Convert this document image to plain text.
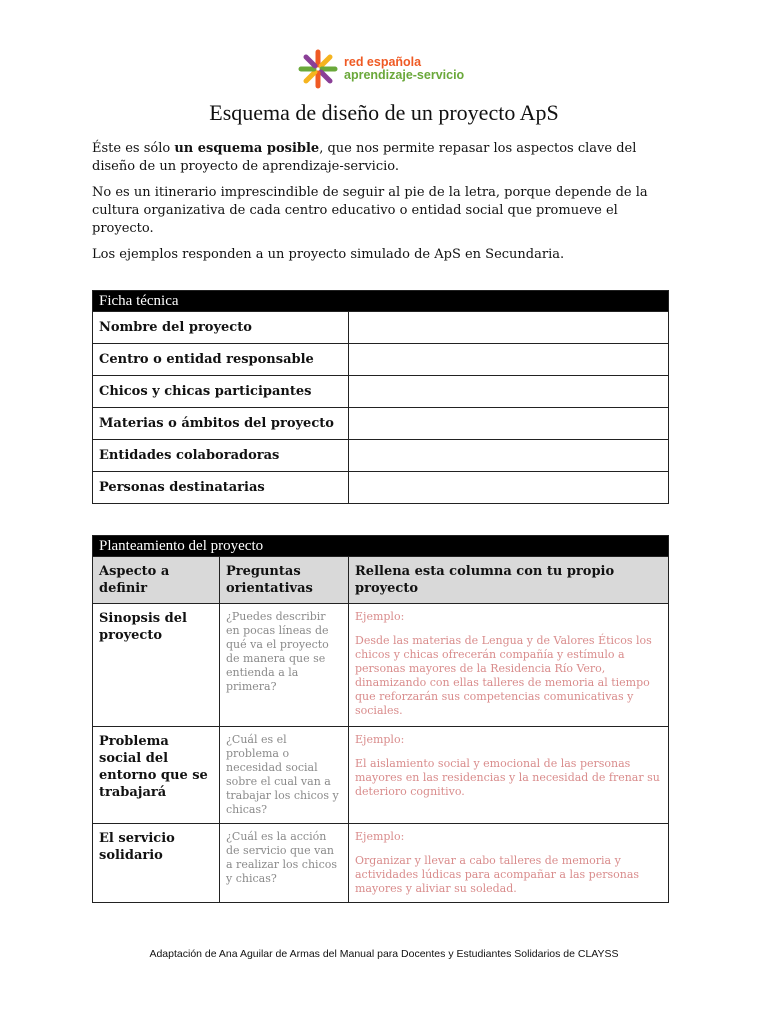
red española
aprendizaje-servicio
Esquema de diseño de un proyecto ApS

Éste es sólo un esquema posible, que nos permite repasar los aspectos clave del diseño de un proyecto de aprendizaje-servicio.

No es un itinerario imprescindible de seguir al pie de la letra, porque depende de la cultura organizativa de cada centro educativo o entidad social que promueve el proyecto.

Los ejemplos responden a un proyecto simulado de ApS en Secundaria.

Ficha técnica	
Nombre del proyecto	
Centro o entidad responsable	
Chicos y chicas participantes	
Materias o ámbitos del proyecto	
Entidades colaboradoras	
Personas destinatarias	
Planteamiento del proyecto		
Aspecto a definir	Preguntas orientativas	Rellena esta columna con tu propio proyecto
Sinopsis del proyecto	¿Puedes describir en pocas líneas de qué va el proyecto de manera que se entienda a la primera?	Ejemplo:
Desde las materias de Lengua y de Valores Éticos los chicos y chicas ofrecerán compañía y estímulo a personas mayores de la Residencia Río Vero, dinamizando con ellas talleres de memoria al tiempo que reforzarán sus competencias comunicativas y sociales.

Problema social del entorno que se trabajará	¿Cuál es el problema o necesidad social sobre el cual van a trabajar los chicos y chicas?	Ejemplo:
El aislamiento social y emocional de las personas mayores en las residencias y la necesidad de frenar su deterioro cognitivo.

El servicio solidario	¿Cuál es la acción de servicio que van a realizar los chicos y chicas?	Ejemplo:
Organizar y llevar a cabo talleres de memoria y actividades lúdicas para acompañar a las personas mayores y aliviar su soledad.
Adaptación de Ana Aguilar de Armas del Manual para Docentes y Estudiantes Solidarios de CLAYSS
